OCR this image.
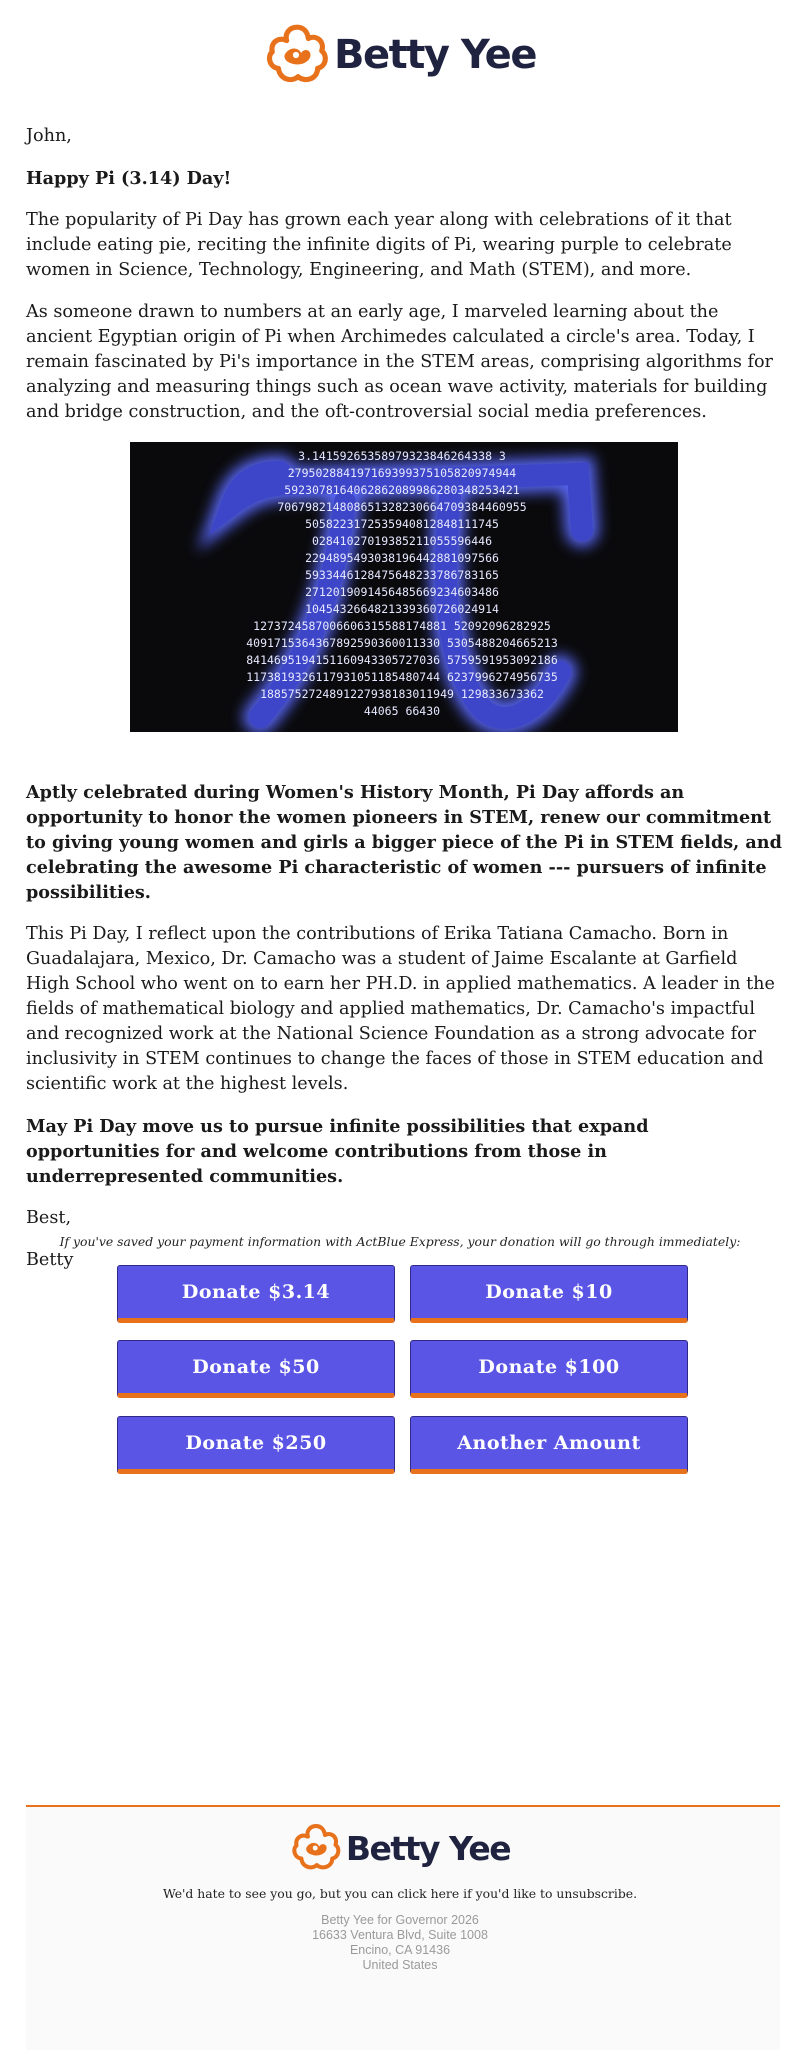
Betty Yee

John,

Happy Pi (3.14) Day!

The popularity of Pi Day has grown each year along with celebrations of it that include eating pie, reciting the infinite digits of Pi, wearing purple to celebrate women in Science, Technology, Engineering, and Math (STEM), and more.

As someone drawn to numbers at an early age, I marveled learning about the ancient Egyptian origin of Pi when Archimedes calculated a circle's area. Today, I remain fascinated by Pi's importance in the STEM areas, comprising algorithms for analyzing and measuring things such as ocean wave activity, materials for building and bridge construction, and the oft-controversial social media preferences.

3.14159265358979323846264338 3
279502884197169399375105820974944
5923078164062862089986280348253421
706798214808651328230664709384460955
5058223172535940812848111745
02841027019385211055596446
2294895493038196442881097566
5933446128475648233786783165
2712019091456485669234603486
1045432664821339360726024914
1273724587006606315588174881 52092096282925
4091715364367892590360011330 5305488204665213
8414695194151160943305727036 5759591953092186
1173819326117931051185480744 6237996274956735
1885752724891227938183011949 129833673362
44065 66430

Aptly celebrated during Women's History Month, Pi Day affords an opportunity to honor the women pioneers in STEM, renew our commitment to giving young women and girls a bigger piece of the Pi in STEM fields, and celebrating the awesome Pi characteristic of women --- pursuers of infinite possibilities.

This Pi Day, I reflect upon the contributions of Erika Tatiana Camacho. Born in Guadalajara, Mexico, Dr. Camacho was a student of Jaime Escalante at Garfield High School who went on to earn her PH.D. in applied mathematics. A leader in the fields of mathematical biology and applied mathematics, Dr. Camacho's impactful and recognized work at the National Science Foundation as a strong advocate for inclusivity in STEM continues to change the faces of those in STEM education and scientific work at the highest levels.

May Pi Day move us to pursue infinite possibilities that expand opportunities for and welcome contributions from those in underrepresented communities.

Best,

Betty

If you've saved your payment information with ActBlue Express, your donation will go through immediately:
Donate $3.14	Donate $10
Donate $50	Donate $100
Donate $250	Another Amount
Betty Yee
We'd hate to see you go, but you can click here if you'd like to unsubscribe.
Betty Yee for Governor 2026
16633 Ventura Blvd, Suite 1008
Encino, CA 91436
United States
